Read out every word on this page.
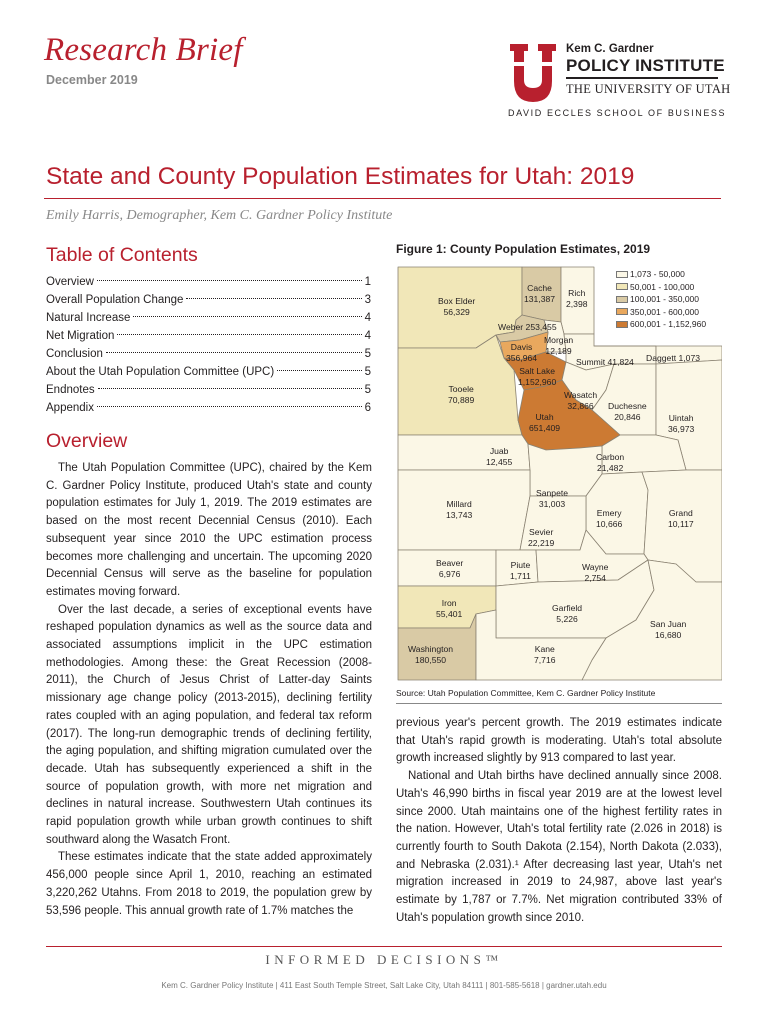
Research Brief
December 2019
Kem C. Gardner
POLICY INSTITUTE
THE UNIVERSITY OF UTAH
DAVID ECCLES SCHOOL OF BUSINESS
State and County Population Estimates for Utah: 2019
Emily Harris, Demographer, Kem C. Gardner Policy Institute
Table of Contents
Overview	1
Overall Population Change	3
Natural Increase	4
Net Migration	4
Conclusion	5
About the Utah Population Committee (UPC)	5
Endnotes	5
Appendix	6
Overview

The Utah Population Committee (UPC), chaired by the Kem C. Gardner Policy Institute, produced Utah's state and county population estimates for July 1, 2019. The 2019 estimates are based on the most recent Decennial Census (2010). Each subsequent year since 2010 the UPC estimation process becomes more challenging and uncertain. The upcoming 2020 Decennial Census will serve as the baseline for population estimates moving forward.

Over the last decade, a series of exceptional events have reshaped population dynamics as well as the source data and associated assumptions implicit in the UPC estimation methodologies. Among these: the Great Recession (2008-2011), the Church of Jesus Christ of Latter-day Saints missionary age change policy (2013-2015), declining fertility rates coupled with an aging population, and federal tax reform (2017). The long-run demographic trends of declining fertility, the aging population, and shifting migration cumulated over the decade. Utah has subsequently experienced a shift in the source of population growth, with more net migration and declines in natural increase. Southwestern Utah continues its rapid population growth while urban growth continues to shift southward along the Wasatch Front.

These estimates indicate that the state added approximately 456,000 people since April 1, 2010, reaching an estimated 3,220,262 Utahns. From 2018 to 2019, the population grew by 53,596 people. This annual growth rate of 1.7% matches the

previous year's percent growth. The 2019 estimates indicate that Utah's rapid growth is moderating. Utah's total absolute growth increased slightly by 913 compared to last year.

National and Utah births have declined annually since 2008. Utah's 46,990 births in fiscal year 2019 are at the lowest level since 2000. Utah maintains one of the highest fertility rates in the nation. However, Utah's total fertility rate (2.026 in 2018) is currently fourth to South Dakota (2.154), North Dakota (2.033), and Nebraska (2.031).¹ After decreasing last year, Utah's net migration increased in 2019 to 24,987, above last year's estimate by 1,787 or 7.7%. Net migration contributed 33% of Utah's population growth since 2010.

Figure 1: County Population Estimates, 2019
1,073 - 50,000
50,001 - 100,000
100,001 - 350,000
350,001 - 600,000
600,001 - 1,152,960
Box Elder
56,329
Cache
131,387
Rich
2,398
Weber 253,455
Morgan
12,189
Davis
356,964
Salt Lake
1,152,960
Summit 41,824 Daggett 1,073
Tooele
70,889	Wasatch
32,866	Duchesne
20,846	Uintah
36,973
Utah
651,409
Juab
12,455	Carbon
21,482
Sanpete
31,003
Millard
13,743	Emery
10,666
Grand
10,117
Sevier
22,219
Beaver
6,976
Piute
1,711
Wayne
2,754
Iron
55,401
Garfield
5,226	San Juan
16,680
Washington
180,550
Kane
7,716
Source: Utah Population Committee, Kem C. Gardner Policy Institute
INFORMED DECISIONS™
Kem C. Gardner Policy Institute | 411 East South Temple Street, Salt Lake City, Utah 84111 | 801-585-5618 | gardner.utah.edu
